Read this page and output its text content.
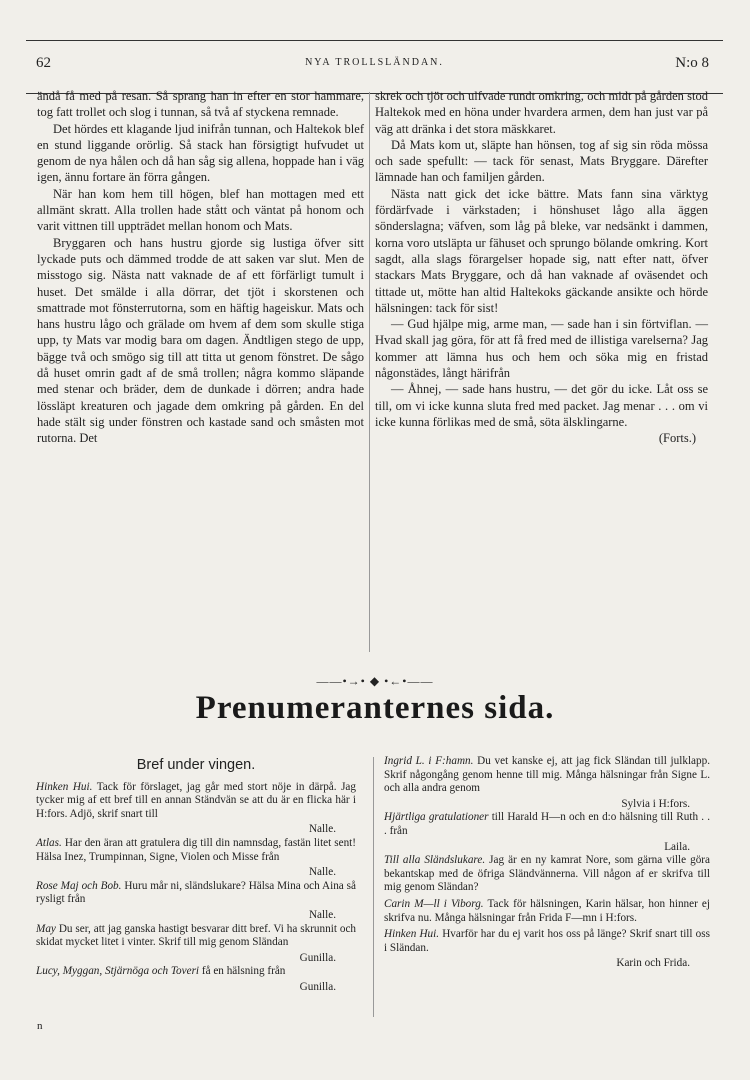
62	NYA TROLLSLÄNDAN.	N:o 8

ändå få med på resan. Så sprang han in efter en stor hammare, tog fatt trollet och slog i tunnan, så två af styckena remnade.

Det hördes ett klagande ljud inifrån tunnan, och Haltekok blef en stund liggande orörlig. Så stack han försigtigt hufvudet ut genom de nya hålen och då han såg sig allena, hoppade han i väg igen, ännu fortare än förra gången.

När han kom hem till högen, blef han mottagen med ett allmänt skratt. Alla trollen hade stått och väntat på honom och varit vittnen till uppträdet mellan honom och Mats.

Bryggaren och hans hustru gjorde sig lustiga öfver sitt lyckade puts och dämmed trodde de att saken var slut. Men de misstogo sig. Nästa natt vaknade de af ett förfärligt tumult i huset. Det smälde i alla dörrar, det tjöt i skorstenen och smattrade mot fönsterrutorna, som en häftig hageiskur. Mats och hans hustru lågo och grälade om hvem af dem som skulle stiga upp, ty Mats var modig bara om dagen. Ändtligen stego de upp, bägge två och smögo sig till att titta ut genom fönstret. De sågo då huset omrin gadt af de små trollen; några kommo släpande med stenar och bräder, dem de dunkade i dörren; andra hade lössläpt kreaturen och jagade dem omkring på gården. En del hade stält sig under fönstren och kastade sand och småsten mot rutorna. Det

skrek och tjöt och ulfvade rundt omkring, och midt på gården stod Haltekok med en höna under hvardera armen, dem han just var på väg att dränka i det stora mäskkaret.

Då Mats kom ut, släpte han hönsen, tog af sig sin röda mössa och sade spefullt: — tack för senast, Mats Bryggare. Därefter lämnade han och familjen gården.

Nästa natt gick det icke bättre. Mats fann sina värktyg fördärfvade i värkstaden; i hönshuset lågo alla äggen sönderslagna; väfven, som låg på bleke, var nedsänkt i dammen, korna voro utsläpta ur fähuset och sprungo bölande omkring. Kort sagdt, alla slags förargelser hopade sig, natt efter natt, öfver stackars Mats Bryggare, och då han vaknade af oväsendet och tittade ut, mötte han altid Haltekoks gäckande ansikte och hörde hälsningen: tack för sist!

— Gud hjälpe mig, arme man, — sade han i sin förtviflan. — Hvad skall jag göra, för att få fred med de illistiga varelserna? Jag kommer att lämna hus och hem och söka mig en fristad någonstädes, långt härifrån

— Åhnej, — sade hans hustru, — det gör du icke. Låt oss se till, om vi icke kunna sluta fred med packet. Jag menar . . . om vi icke kunna förlikas med de små, söta älsklingarne.

(Forts.)

——•→• ◆ •←•——
Prenumeranternes sida.
Bref under vingen.

Hinken Hui. Tack för förslaget, jag går med stort nöje in därpå. Jag tycker mig af ett bref till en annan Ständvän se att du är en flicka här i H:fors. Adjö, skrif snart till

Nalle.

Atlas. Har den äran att gratulera dig till din namnsdag, fastän litet sent! Hälsa Inez, Trumpinnan, Signe, Violen och Misse från

Nalle.

Rose Maj och Bob. Huru mår ni, sländslukare? Hälsa Mina och Aina så rysligt från

Nalle.

May Du ser, att jag ganska hastigt besvarar ditt bref. Vi ha skrunnit och skidat mycket litet i vinter. Skrif till mig genom Sländan

Gunilla.

Lucy, Myggan, Stjärnöga och Toveri få en hälsning från

Gunilla.

Ingrid L. i F:hamn. Du vet kanske ej, att jag fick Sländan till julklapp. Skrif någongång genom henne till mig. Många hälsningar från Signe L. och alla andra genom

Sylvia i H:fors.

Hjärtliga gratulationer till Harald H—n och en d:o hälsning till Ruth . . . från

Laila.

Till alla Sländslukare. Jag är en ny kamrat Nore, som gärna ville göra bekantskap med de öfriga Sländvännerna. Vill någon af er skrifva till mig genom Sländan?

Carin M—ll i Viborg. Tack för hälsningen, Karin hälsar, hon hinner ej skrifva nu. Många hälsningar från Frida F—mn i H:fors.

Hinken Hui. Hvarför har du ej varit hos oss på länge? Skrif snart till oss i Sländan.

Karin och Frida.
n
